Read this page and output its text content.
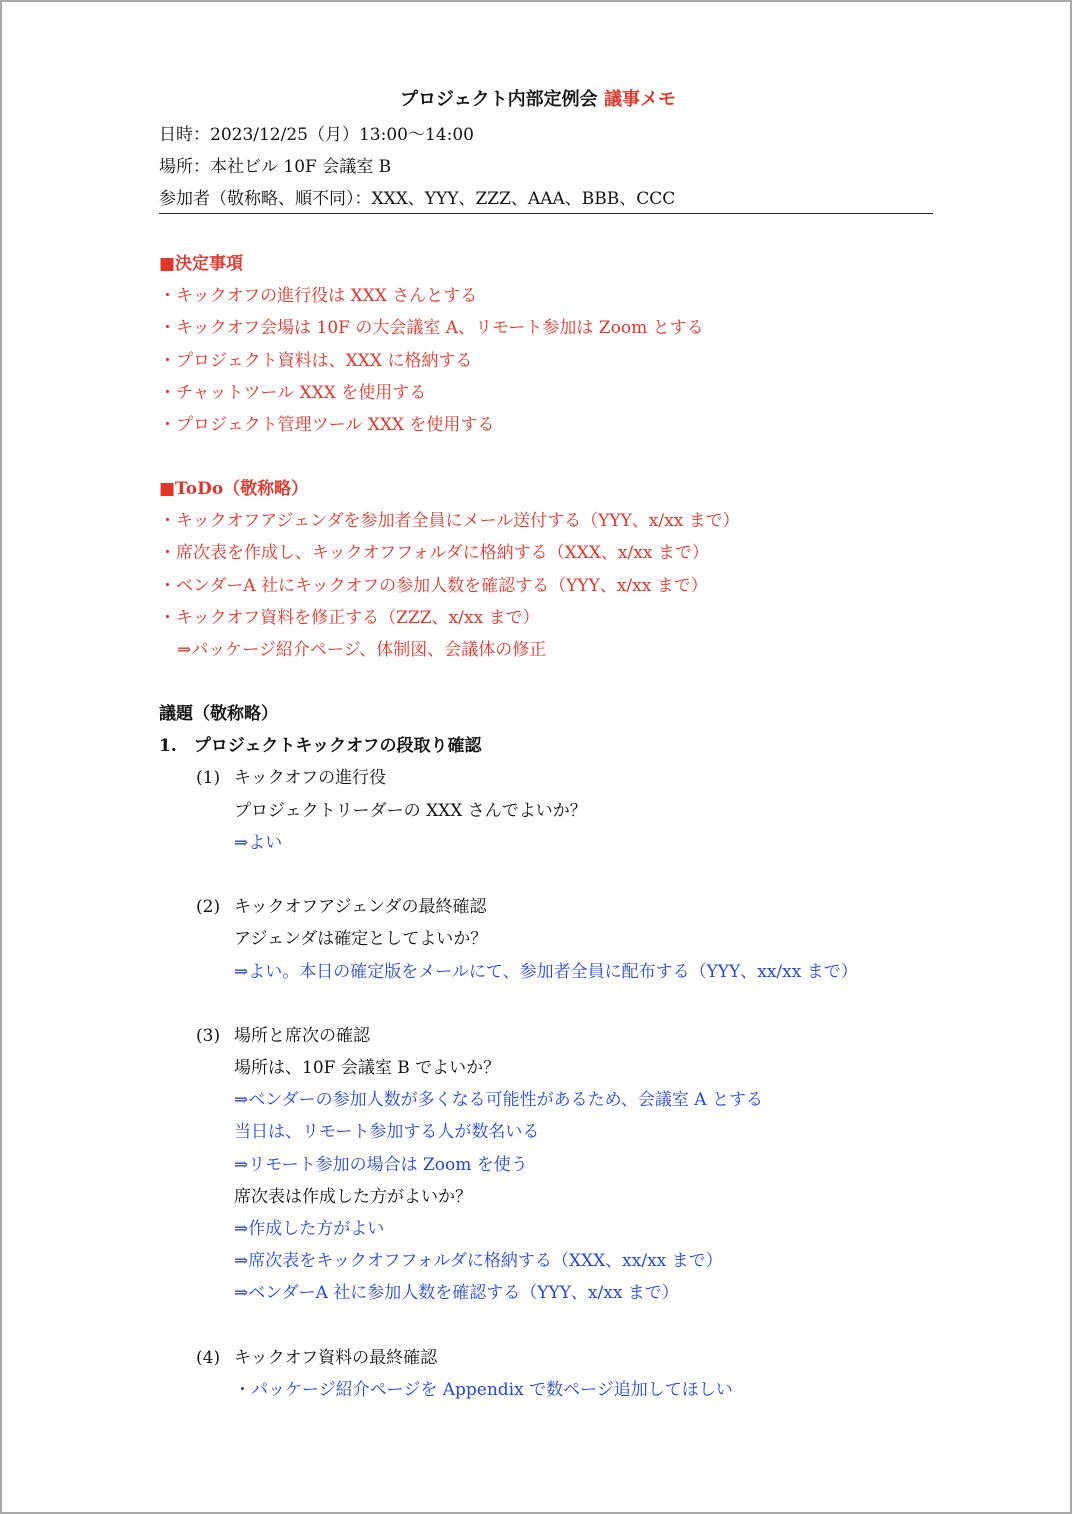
プロジェクト内部定例会 議事メモ
日時：2023/12/25（月）13:00〜14:00
場所：本社ビル 10F 会議室 B
参加者（敬称略、順不同）：XXX、YYY、ZZZ、AAA、BBB、CCC
■決定事項
・キックオフの進行役は XXX さんとする
・キックオフ会場は 10F の大会議室 A、リモート参加は Zoom とする
・プロジェクト資料は、XXX に格納する
・チャットツール XXX を使用する
・プロジェクト管理ツール XXX を使用する
■ToDo（敬称略）
・キックオフアジェンダを参加者全員にメール送付する（YYY、x/xx まで）
・席次表を作成し、キックオフフォルダに格納する（XXX、x/xx まで）
・ベンダーA 社にキックオフの参加人数を確認する（YYY、x/xx まで）
・キックオフ資料を修正する（ZZZ、x/xx まで）
⇒パッケージ紹介ページ、体制図、会議体の修正
議題（敬称略）
1.　プロジェクトキックオフの段取り確認
(1) キックオフの進行役
プロジェクトリーダーの XXX さんでよいか？
⇒よい
(2) キックオフアジェンダの最終確認
アジェンダは確定としてよいか？
⇒よい。本日の確定版をメールにて、参加者全員に配布する（YYY、xx/xx まで）
(3) 場所と席次の確認
場所は、10F 会議室 B でよいか？
⇒ベンダーの参加人数が多くなる可能性があるため、会議室 A とする
当日は、リモート参加する人が数名いる
⇒リモート参加の場合は Zoom を使う
席次表は作成した方がよいか？
⇒作成した方がよい
⇒席次表をキックオフフォルダに格納する（XXX、xx/xx まで）
⇒ベンダーA 社に参加人数を確認する（YYY、x/xx まで）
(4) キックオフ資料の最終確認
・パッケージ紹介ページを Appendix で数ページ追加してほしい
